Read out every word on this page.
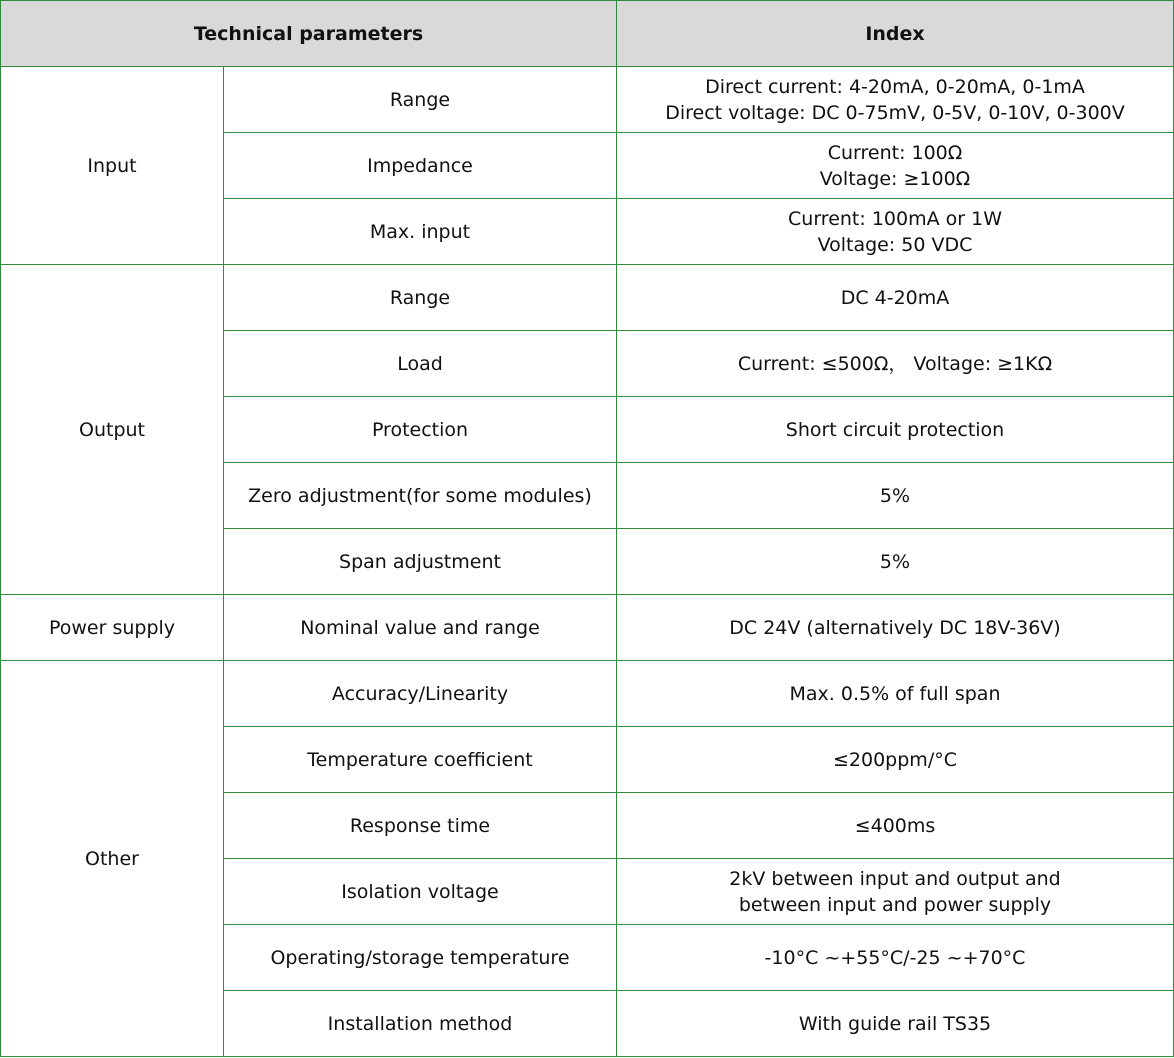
Technical parameters		Index
Input	Range	Direct current: 4-20mA, 0-20mA, 0-1mA
Direct voltage: DC 0-75mV, 0-5V, 0-10V, 0-300V

	Impedance	Current: 100Ω
Voltage: ≥100Ω

	Max. input	Current: 100mA or 1W
Voltage: 50 VDC

Output	Range	DC 4-20mA

	Load	Current: ≤500Ω， Voltage: ≥1KΩ

	Protection	Short circuit protection

	Zero adjustment(for some modules)	5%

	Span adjustment	5%

Power supply	Nominal value and range	DC 24V (alternatively DC 18V-36V)

Other	Accuracy/Linearity	Max. 0.5% of full span

	Temperature coefficient	≤200ppm/°C

	Response time	≤400ms

	Isolation voltage	2kV between input and output and
between input and power supply

	Operating/storage temperature	-10°C ~+55°C/-25 ~+70°C

	Installation method	With guide rail TS35
